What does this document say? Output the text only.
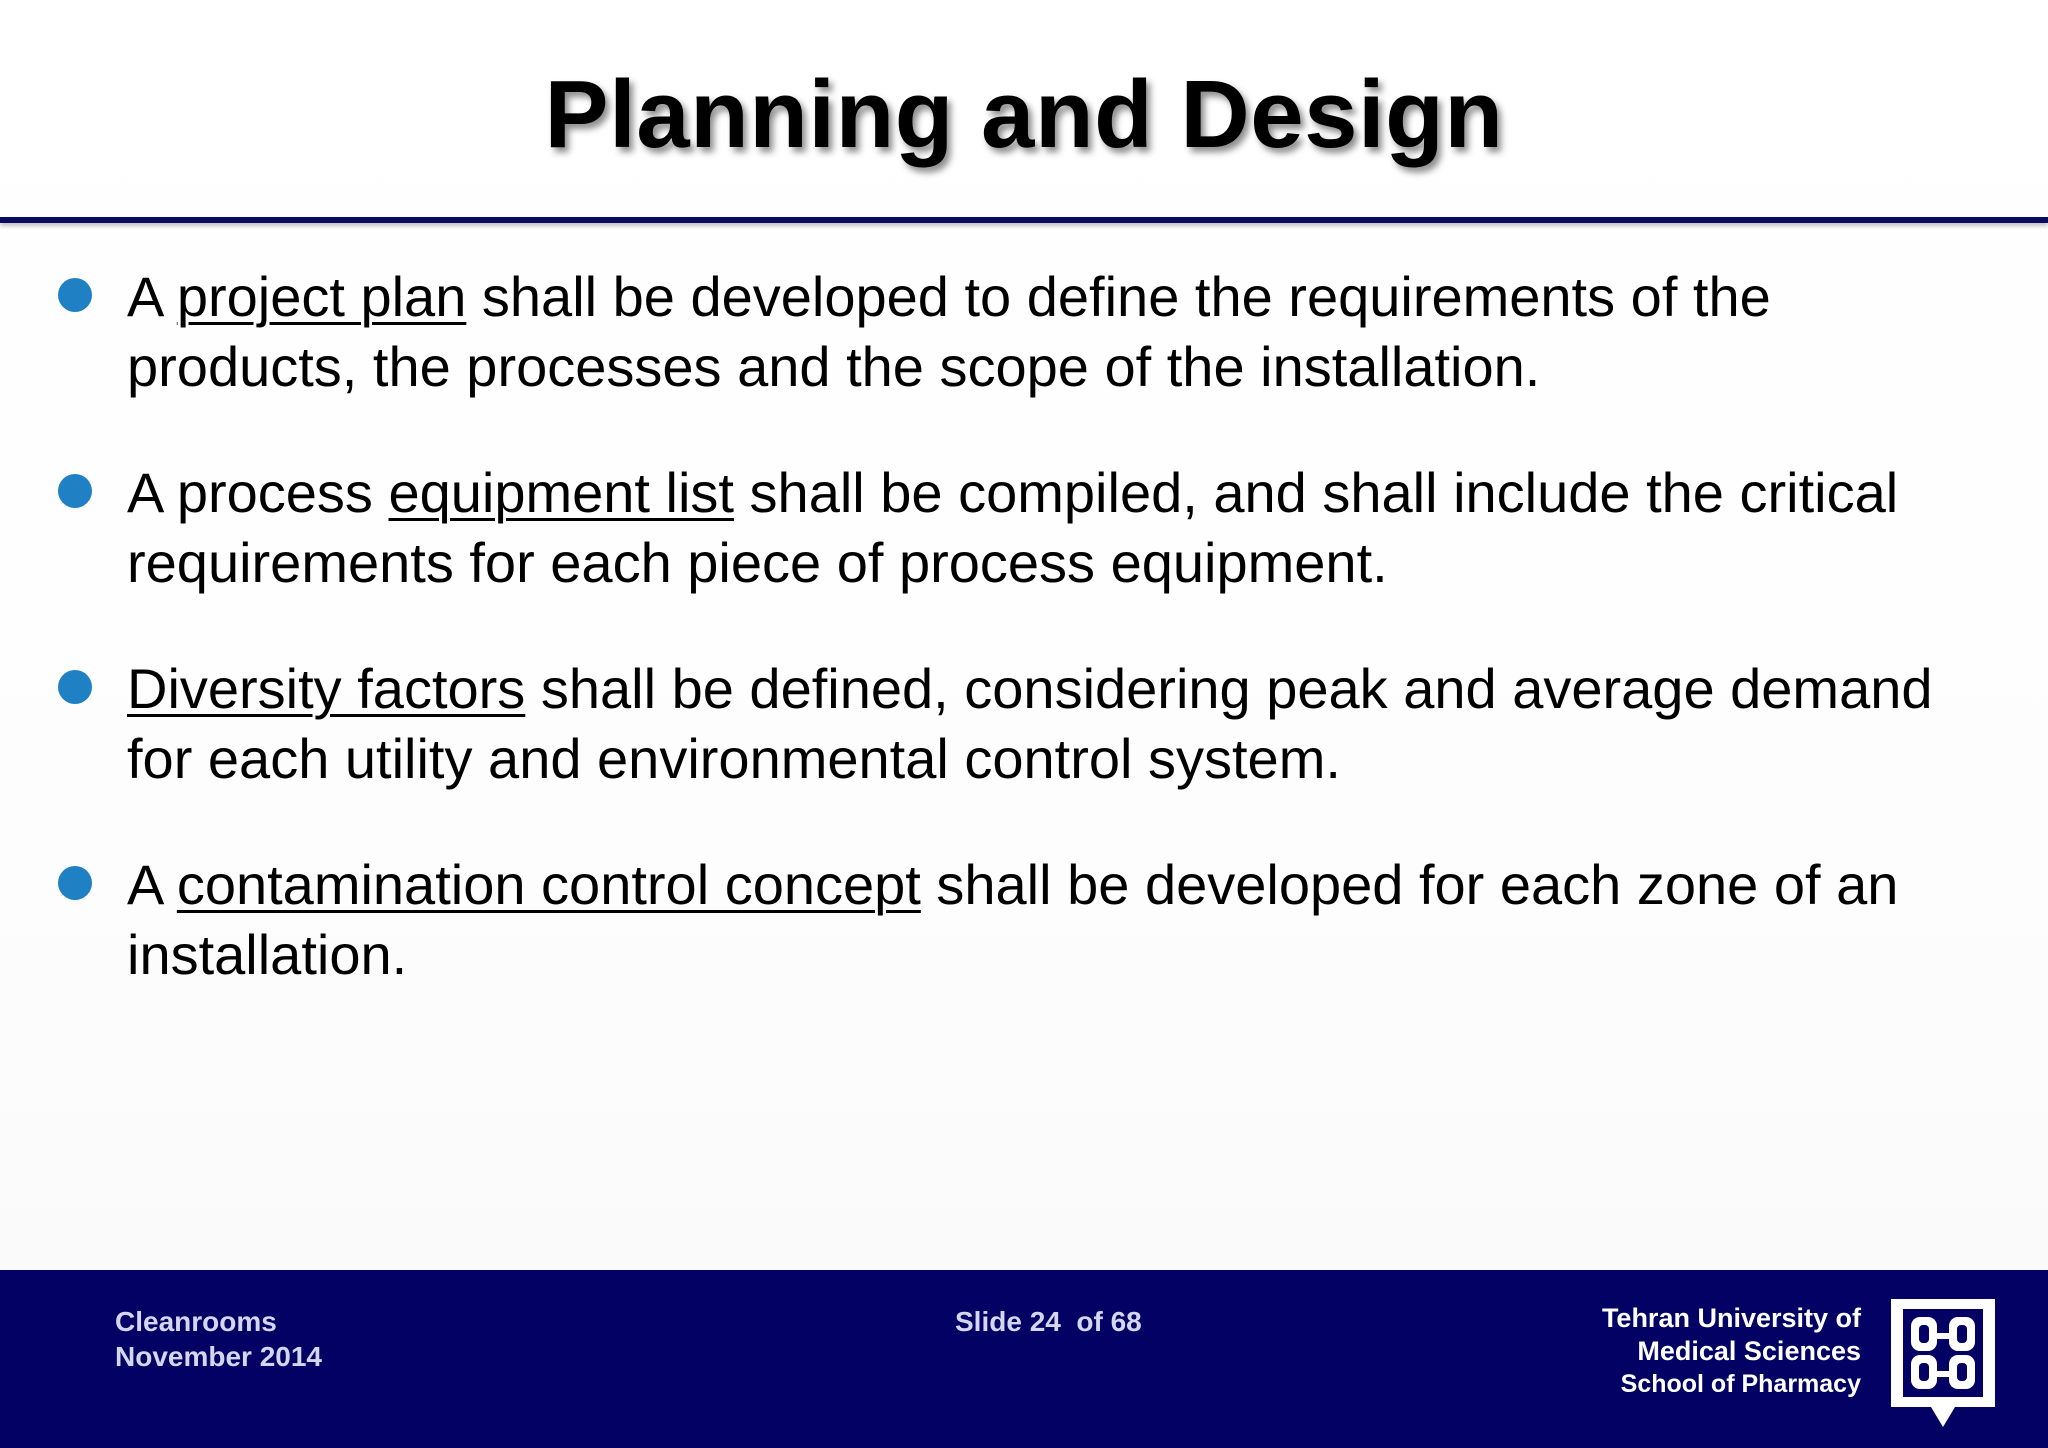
Planning and Design
A project plan shall be developed to define the requirements of the products, the processes and the scope of the installation.
A process equipment list shall be compiled, and shall include the critical requirements for each piece of process equipment.
Diversity factors shall be defined, considering peak and average demand for each utility and environmental control system.
A contamination control concept shall be developed for each zone of an installation.
Cleanrooms
November 2014
Slide 24  of 68	Tehran University of
Medical Sciences
School of Pharmacy
